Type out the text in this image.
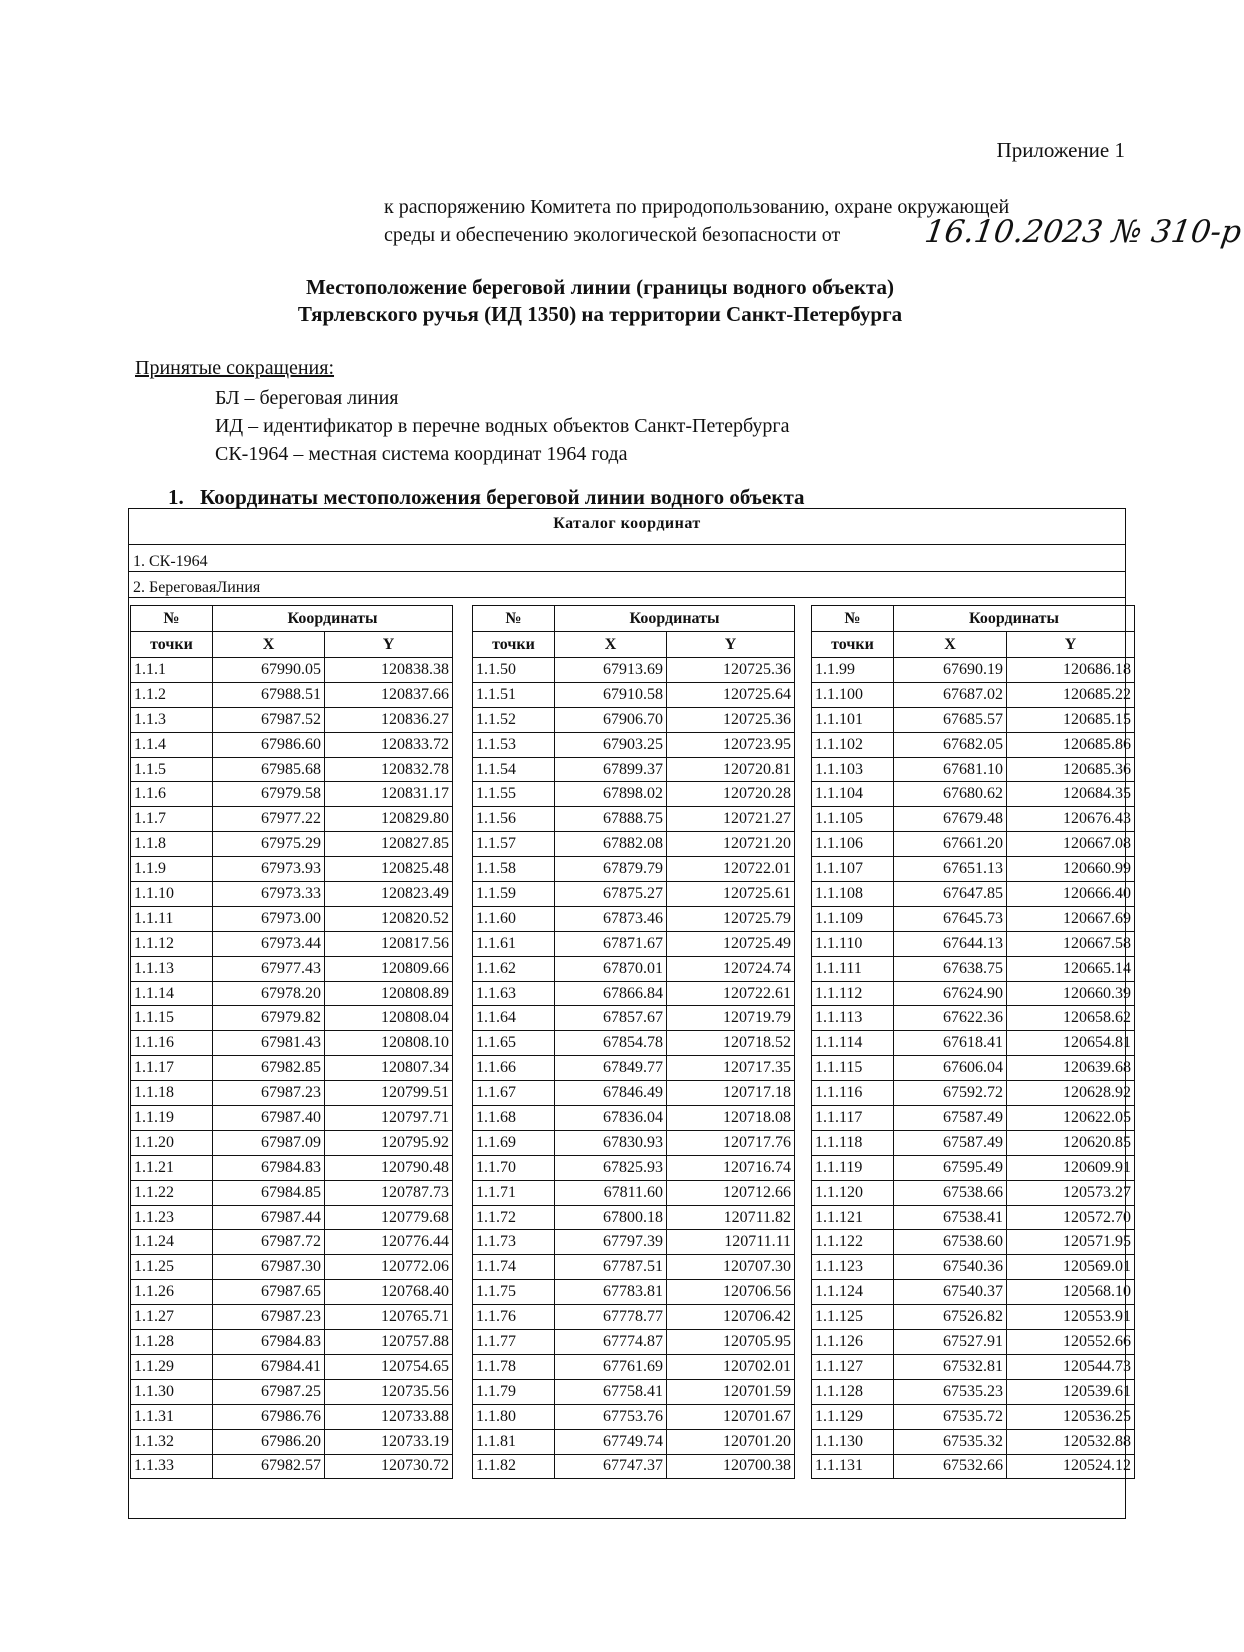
Приложение 1
к распоряжению Комитета по природопользованию, охране окружающей
среды и обеспечению экологической безопасности от	16.10.2023 № 310-р
Местоположение береговой линии (границы водного объекта)
Тярлевского ручья (ИД 1350) на территории Санкт-Петербурга
Принятые сокращения:
БЛ – береговая линия
ИД – идентификатор в перечне водных объектов Санкт-Петербурга
СК-1964 – местная система координат 1964 года
1. Координаты местоположения береговой линии водного объекта
Каталог координат
1. СК-1964
2. БереговаяЛиния
№	Координаты	
точки	X	Y
1.1.1	67990.05	120838.38
1.1.2	67988.51	120837.66
1.1.3	67987.52	120836.27
1.1.4	67986.60	120833.72
1.1.5	67985.68	120832.78
1.1.6	67979.58	120831.17
1.1.7	67977.22	120829.80
1.1.8	67975.29	120827.85
1.1.9	67973.93	120825.48
1.1.10	67973.33	120823.49
1.1.11	67973.00	120820.52
1.1.12	67973.44	120817.56
1.1.13	67977.43	120809.66
1.1.14	67978.20	120808.89
1.1.15	67979.82	120808.04
1.1.16	67981.43	120808.10
1.1.17	67982.85	120807.34
1.1.18	67987.23	120799.51
1.1.19	67987.40	120797.71
1.1.20	67987.09	120795.92
1.1.21	67984.83	120790.48
1.1.22	67984.85	120787.73
1.1.23	67987.44	120779.68
1.1.24	67987.72	120776.44
1.1.25	67987.30	120772.06
1.1.26	67987.65	120768.40
1.1.27	67987.23	120765.71
1.1.28	67984.83	120757.88
1.1.29	67984.41	120754.65
1.1.30	67987.25	120735.56
1.1.31	67986.76	120733.88
1.1.32	67986.20	120733.19
1.1.33	67982.57	120730.72
№	Координаты	
точки	X	Y
1.1.50	67913.69	120725.36
1.1.51	67910.58	120725.64
1.1.52	67906.70	120725.36
1.1.53	67903.25	120723.95
1.1.54	67899.37	120720.81
1.1.55	67898.02	120720.28
1.1.56	67888.75	120721.27
1.1.57	67882.08	120721.20
1.1.58	67879.79	120722.01
1.1.59	67875.27	120725.61
1.1.60	67873.46	120725.79
1.1.61	67871.67	120725.49
1.1.62	67870.01	120724.74
1.1.63	67866.84	120722.61
1.1.64	67857.67	120719.79
1.1.65	67854.78	120718.52
1.1.66	67849.77	120717.35
1.1.67	67846.49	120717.18
1.1.68	67836.04	120718.08
1.1.69	67830.93	120717.76
1.1.70	67825.93	120716.74
1.1.71	67811.60	120712.66
1.1.72	67800.18	120711.82
1.1.73	67797.39	120711.11
1.1.74	67787.51	120707.30
1.1.75	67783.81	120706.56
1.1.76	67778.77	120706.42
1.1.77	67774.87	120705.95
1.1.78	67761.69	120702.01
1.1.79	67758.41	120701.59
1.1.80	67753.76	120701.67
1.1.81	67749.74	120701.20
1.1.82	67747.37	120700.38
№	Координаты	
точки	X	Y
1.1.99	67690.19	120686.18
1.1.100	67687.02	120685.22
1.1.101	67685.57	120685.15
1.1.102	67682.05	120685.86
1.1.103	67681.10	120685.36
1.1.104	67680.62	120684.35
1.1.105	67679.48	120676.43
1.1.106	67661.20	120667.08
1.1.107	67651.13	120660.99
1.1.108	67647.85	120666.40
1.1.109	67645.73	120667.69
1.1.110	67644.13	120667.58
1.1.111	67638.75	120665.14
1.1.112	67624.90	120660.39
1.1.113	67622.36	120658.62
1.1.114	67618.41	120654.81
1.1.115	67606.04	120639.68
1.1.116	67592.72	120628.92
1.1.117	67587.49	120622.05
1.1.118	67587.49	120620.85
1.1.119	67595.49	120609.91
1.1.120	67538.66	120573.27
1.1.121	67538.41	120572.70
1.1.122	67538.60	120571.95
1.1.123	67540.36	120569.01
1.1.124	67540.37	120568.10
1.1.125	67526.82	120553.91
1.1.126	67527.91	120552.66
1.1.127	67532.81	120544.73
1.1.128	67535.23	120539.61
1.1.129	67535.72	120536.25
1.1.130	67535.32	120532.88
1.1.131	67532.66	120524.12
